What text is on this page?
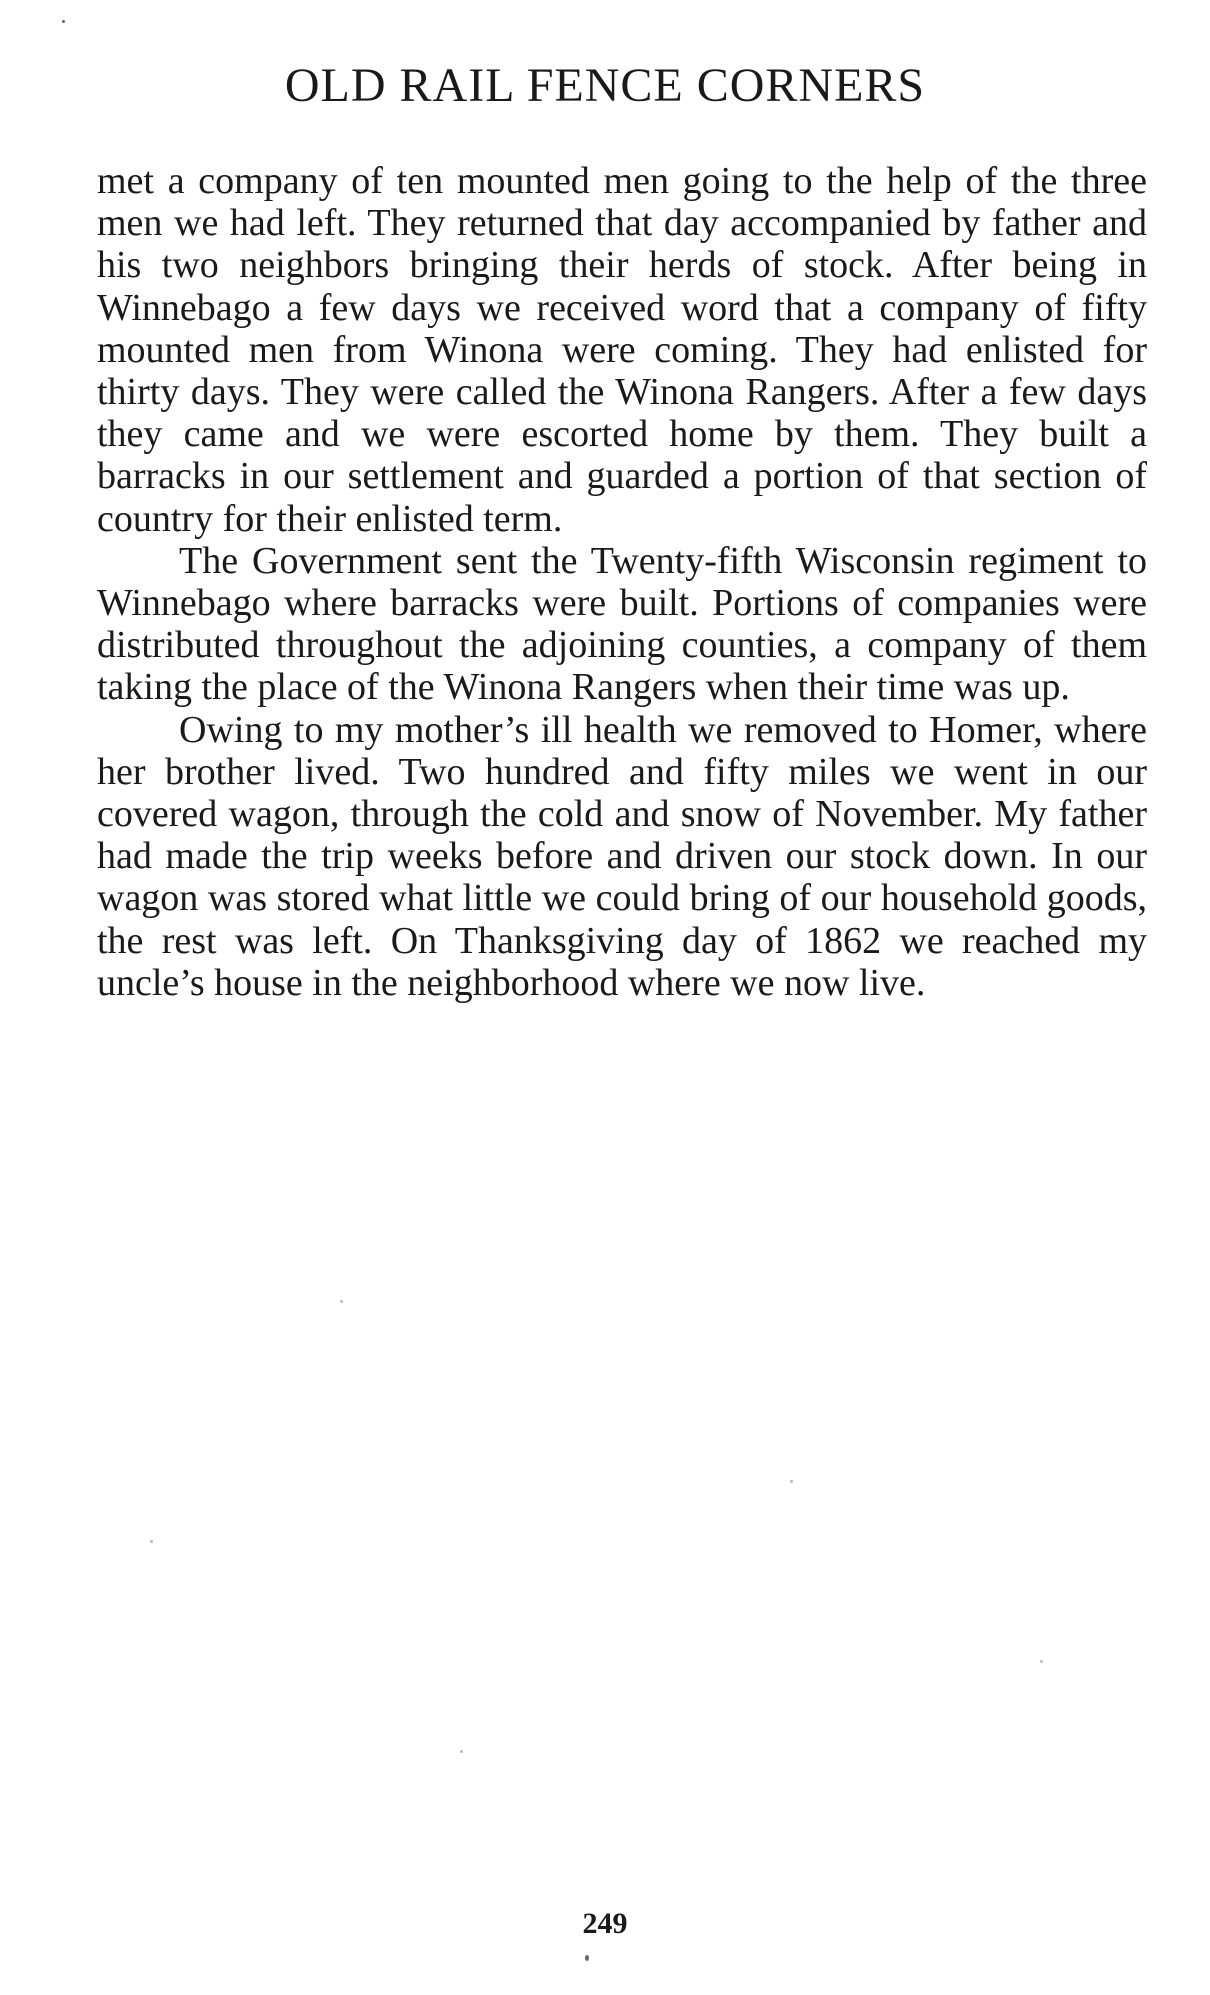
OLD RAIL FENCE CORNERS

met a company of ten mounted men going to the help of the three men we had left. They returned that day accompanied by father and his two neighbors bringing their herds of stock. After being in Winnebago a few days we received word that a company of fifty mounted men from Winona were coming. They had enlisted for thirty days. They were called the Winona Rangers. After a few days they came and we were escorted home by them. They built a barracks in our settlement and guarded a portion of that section of country for their enlisted term.

The Government sent the Twenty-fifth Wisconsin regiment to Winnebago where barracks were built. Portions of companies were distributed throughout the adjoining counties, a company of them taking the place of the Winona Rangers when their time was up.

Owing to my mother’s ill health we removed to Homer, where her brother lived. Two hundred and fifty miles we went in our covered wagon, through the cold and snow of November. My father had made the trip weeks before and driven our stock down. In our wagon was stored what little we could bring of our household goods, the rest was left. On Thanksgiving day of 1862 we reached my uncle’s house in the neighborhood where we now live.

249
